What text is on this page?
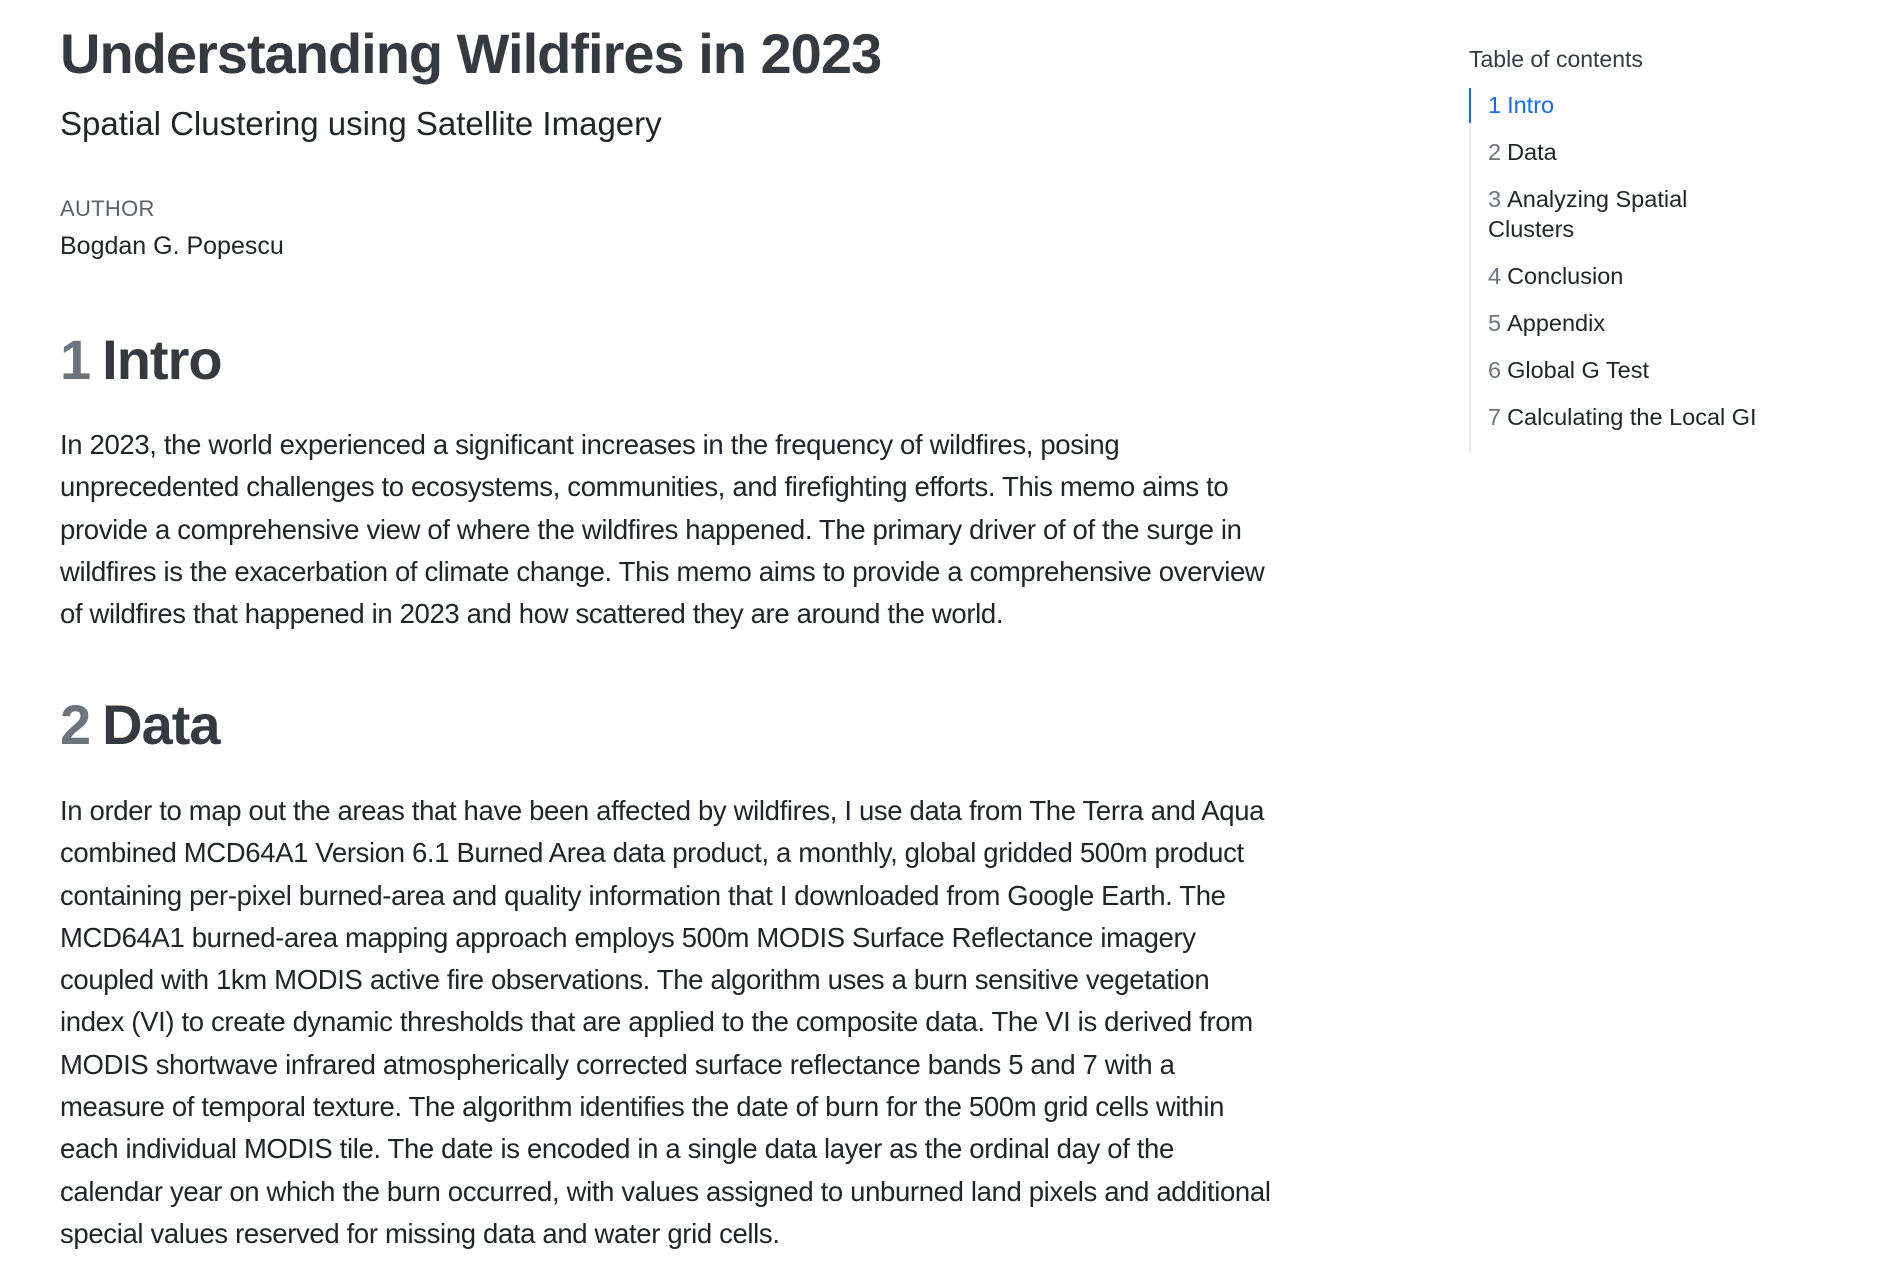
Understanding Wildfires in 2023

Spatial Clustering using Satellite Imagery

AUTHOR
Bogdan G. Popescu
1 Intro
In 2023, the world experienced a significant increases in the frequency of wildfires, posing
unprecedented challenges to ecosystems, communities, and firefighting efforts. This memo aims to
provide a comprehensive view of where the wildfires happened. The primary driver of of the surge in
wildfires is the exacerbation of climate change. This memo aims to provide a comprehensive overview
of wildfires that happened in 2023 and how scattered they are around the world.
2 Data
In order to map out the areas that have been affected by wildfires, I use data from The Terra and Aqua
combined MCD64A1 Version 6.1 Burned Area data product, a monthly, global gridded 500m product
containing per-pixel burned-area and quality information that I downloaded from Google Earth. The
MCD64A1 burned-area mapping approach employs 500m MODIS Surface Reflectance imagery
coupled with 1km MODIS active fire observations. The algorithm uses a burn sensitive vegetation
index (VI) to create dynamic thresholds that are applied to the composite data. The VI is derived from
MODIS shortwave infrared atmospherically corrected surface reflectance bands 5 and 7 with a
measure of temporal texture. The algorithm identifies the date of burn for the 500m grid cells within
each individual MODIS tile. The date is encoded in a single data layer as the ordinal day of the
calendar year on which the burn occurred, with values assigned to unburned land pixels and additional
special values reserved for missing data and water grid cells.
Table of contents
1 Intro
2 Data
3 Analyzing Spatial Clusters
4 Conclusion
5 Appendix
6 Global G Test
7 Calculating the Local GI
